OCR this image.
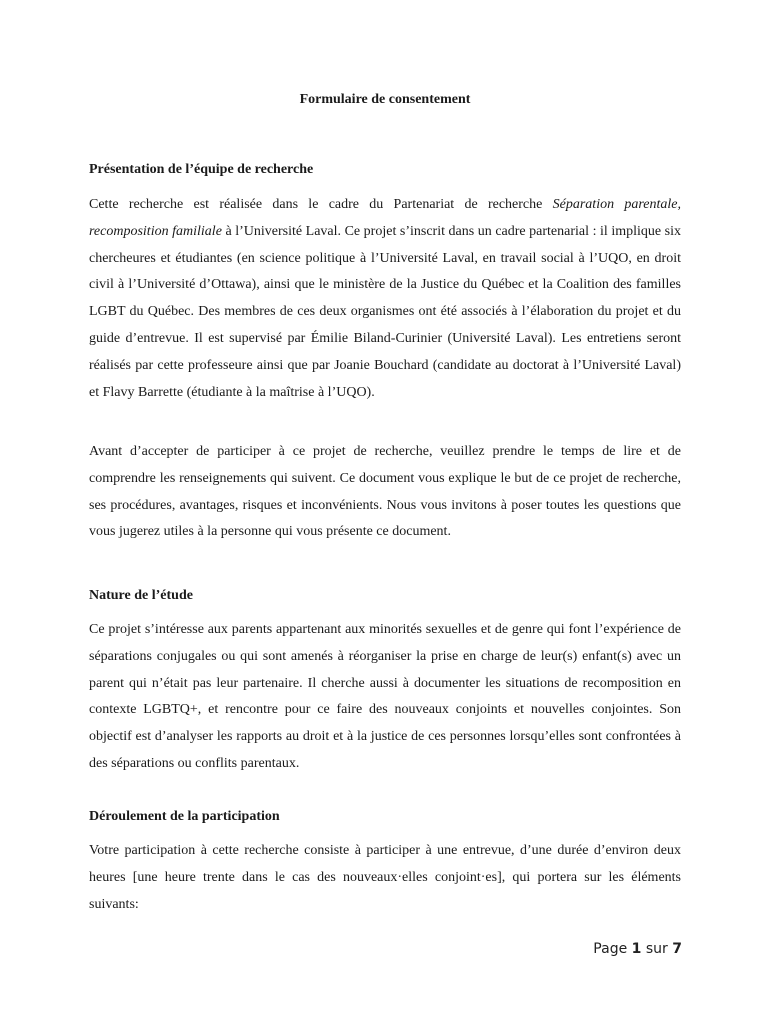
Formulaire de consentement
Présentation de l’équipe de recherche

Cette recherche est réalisée dans le cadre du Partenariat de recherche Séparation parentale, recomposition familiale à l’Université Laval. Ce projet s’inscrit dans un cadre partenarial : il implique six chercheures et étudiantes (en science politique à l’Université Laval, en travail social à l’UQO, en droit civil à l’Université d’Ottawa), ainsi que le ministère de la Justice du Québec et la Coalition des familles LGBT du Québec. Des membres de ces deux organismes ont été associés à l’élaboration du projet et du guide d’entrevue. Il est supervisé par Émilie Biland-Curinier (Université Laval). Les entretiens seront réalisés par cette professeure ainsi que par Joanie Bouchard (candidate au doctorat à l’Université Laval) et Flavy Barrette (étudiante à la maîtrise à l’UQO).

Avant d’accepter de participer à ce projet de recherche, veuillez prendre le temps de lire et de comprendre les renseignements qui suivent. Ce document vous explique le but de ce projet de recherche, ses procédures, avantages, risques et inconvénients. Nous vous invitons à poser toutes les questions que vous jugerez utiles à la personne qui vous présente ce document.

Nature de l’étude

Ce projet s’intéresse aux parents appartenant aux minorités sexuelles et de genre qui font l’expérience de séparations conjugales ou qui sont amenés à réorganiser la prise en charge de leur(s) enfant(s) avec un parent qui n’était pas leur partenaire. Il cherche aussi à documenter les situations de recomposition en contexte LGBTQ+, et rencontre pour ce faire des nouveaux conjoints et nouvelles conjointes. Son objectif est d’analyser les rapports au droit et à la justice de ces personnes lorsqu’elles sont confrontées à des séparations ou conflits parentaux.

Déroulement de la participation

Votre participation à cette recherche consiste à participer à une entrevue, d’une durée d’environ deux heures [une heure trente dans le cas des nouveaux·elles conjoint·es], qui portera sur les éléments suivants:

Page 1 sur 7
